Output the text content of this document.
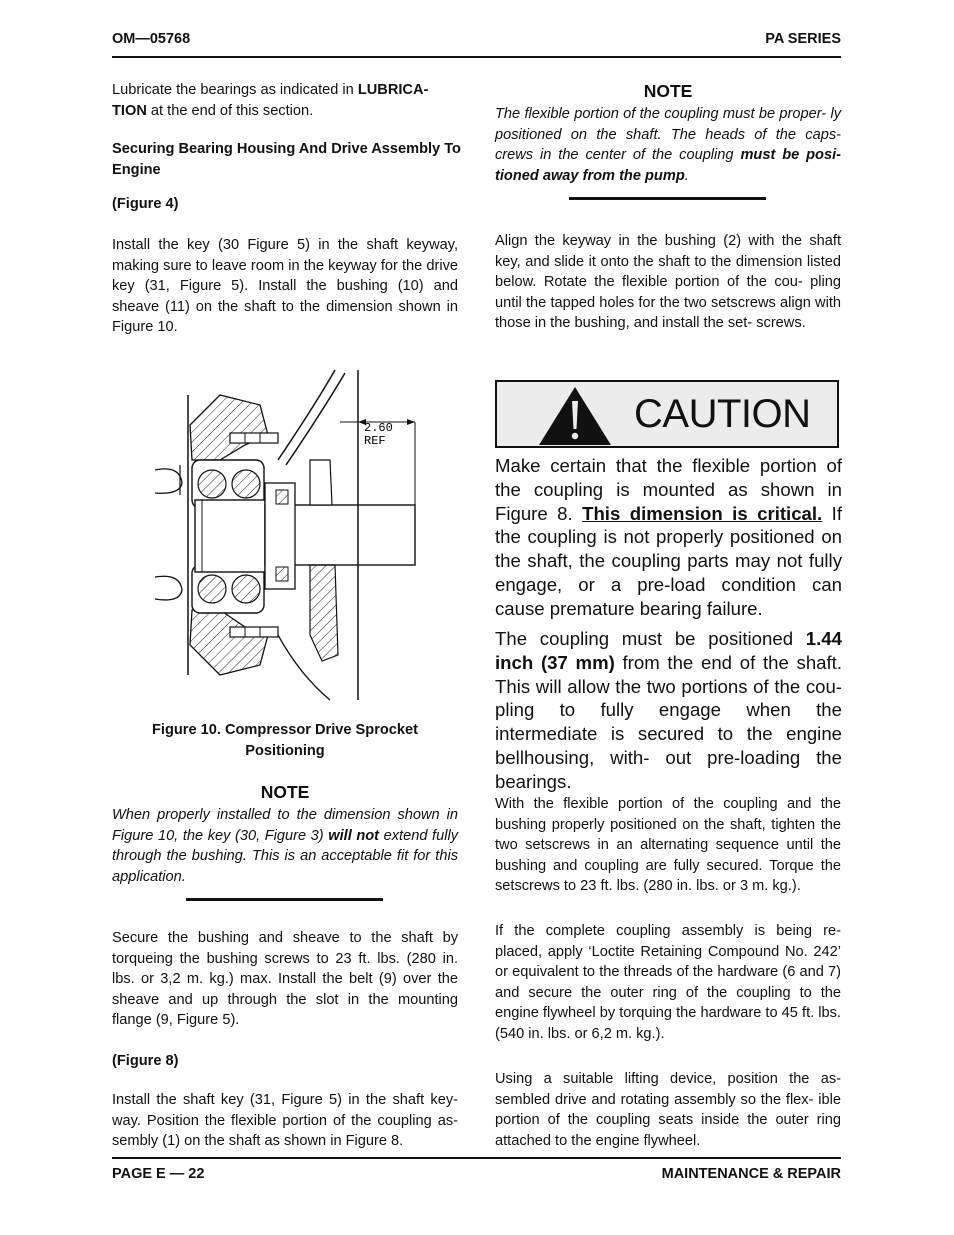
OM—05768	PA SERIES
Lubricate the bearings as indicated in LUBRICA- TION at the end of this section.
Securing Bearing Housing And Drive Assembly To Engine
(Figure 4)
Install the key (30 Figure 5) in the shaft keyway, making sure to leave room in the keyway for the drive key (31, Figure 5). Install the bushing (10) and sheave (11) on the shaft to the dimension shown in Figure 10.
2.60
REF
Figure 10. Compressor Drive Sprocket
Positioning
NOTE
When properly installed to the dimension shown in Figure 10, the key (30, Figure 3) will not extend fully through the bushing. This is an acceptable fit for this application.
Secure the bushing and sheave to the shaft by torqueing the bushing screws to 23 ft. lbs. (280 in. lbs. or 3,2 m. kg.) max. Install the belt (9) over the sheave and up through the slot in the mounting flange (9, Figure 5).
(Figure 8)
Install the shaft key (31, Figure 5) in the shaft key- way. Position the flexible portion of the coupling as- sembly (1) on the shaft as shown in Figure 8.
NOTE
The flexible portion of the coupling must be proper- ly positioned on the shaft. The heads of the caps- crews in the center of the coupling must be posi- tioned away from the pump.
Align the keyway in the bushing (2) with the shaft key, and slide it onto the shaft to the dimension listed below. Rotate the flexible portion of the cou- pling until the tapped holes for the two setscrews align with those in the bushing, and install the set- screws.
CAUTION
Make certain that the flexible portion of the coupling is mounted as shown in Figure 8. This dimension is critical. If the coupling is not properly positioned on the shaft, the coupling parts may not fully engage, or a pre-load condition can cause premature bearing failure.
The coupling must be positioned 1.44 inch (37 mm) from the end of the shaft. This will allow the two portions of the cou- pling to fully engage when the intermediate is secured to the engine bellhousing, with- out pre-loading the bearings.
With the flexible portion of the coupling and the bushing properly positioned on the shaft, tighten the two setscrews in an alternating sequence until the bushing and coupling are fully secured. Torque the setscrews to 23 ft. lbs. (280 in. lbs. or 3 m. kg.).
If the complete coupling assembly is being re- placed, apply ‘Loctite Retaining Compound No. 242’ or equivalent to the threads of the hardware (6 and 7) and secure the outer ring of the coupling to the engine flywheel by torquing the hardware to 45 ft. lbs. (540 in. lbs. or 6,2 m. kg.).
Using a suitable lifting device, position the as- sembled drive and rotating assembly so the flex- ible portion of the coupling seats inside the outer ring attached to the engine flywheel.
PAGE E — 22	MAINTENANCE & REPAIR
